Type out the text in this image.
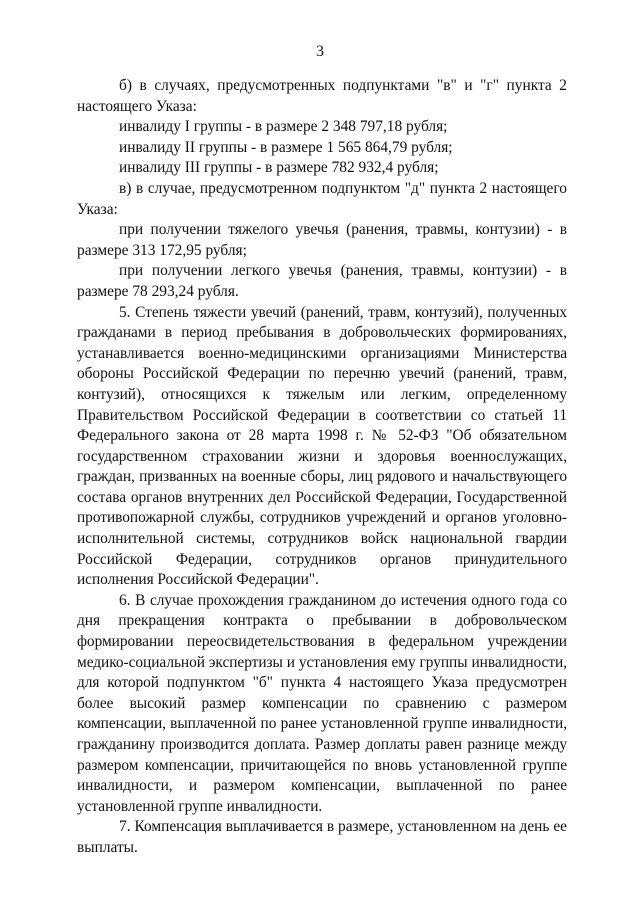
3

б) в случаях, предусмотренных подпунктами "в" и "г" пункта 2 настоящего Указа:

инвалиду I группы - в размере 2 348 797,18 рубля;

инвалиду II группы - в размере 1 565 864,79 рубля;

инвалиду III группы - в размере 782 932,4 рубля;

в) в случае, предусмотренном подпунктом "д" пункта 2 настоящего Указа:

при получении тяжелого увечья (ранения, травмы, контузии) - в размере 313 172,95 рубля;

при получении легкого увечья (ранения, травмы, контузии) - в размере 78 293,24 рубля.

5. Степень тяжести увечий (ранений, травм, контузий), полученных гражданами в период пребывания в добровольческих формированиях, устанавливается военно-медицинскими организациями Министерства обороны Российской Федерации по перечню увечий (ранений, травм, контузий), относящихся к тяжелым или легким, определенному Правительством Российской Федерации в соответствии со статьей 11 Федерального закона от 28 марта 1998 г. № 52-ФЗ "Об обязательном государственном страховании жизни и здоровья военнослужащих, граждан, призванных на военные сборы, лиц рядового и начальствующего состава органов внутренних дел Российской Федерации, Государственной противопожарной службы, сотрудников учреждений и органов уголовно-исполнительной системы, сотрудников войск национальной гвардии Российской Федерации, сотрудников органов принудительного исполнения Российской Федерации".

6. В случае прохождения гражданином до истечения одного года со дня прекращения контракта о пребывании в добровольческом формировании переосвидетельствования в федеральном учреждении медико-социальной экспертизы и установления ему группы инвалидности, для которой подпунктом "б" пункта 4 настоящего Указа предусмотрен более высокий размер компенсации по сравнению с размером компенсации, выплаченной по ранее установленной группе инвалидности, гражданину производится доплата. Размер доплаты равен разнице между размером компенсации, причитающейся по вновь установленной группе инвалидности, и размером компенсации, выплаченной по ранее установленной группе инвалидности.

7. Компенсация выплачивается в размере, установленном на день ее выплаты.
